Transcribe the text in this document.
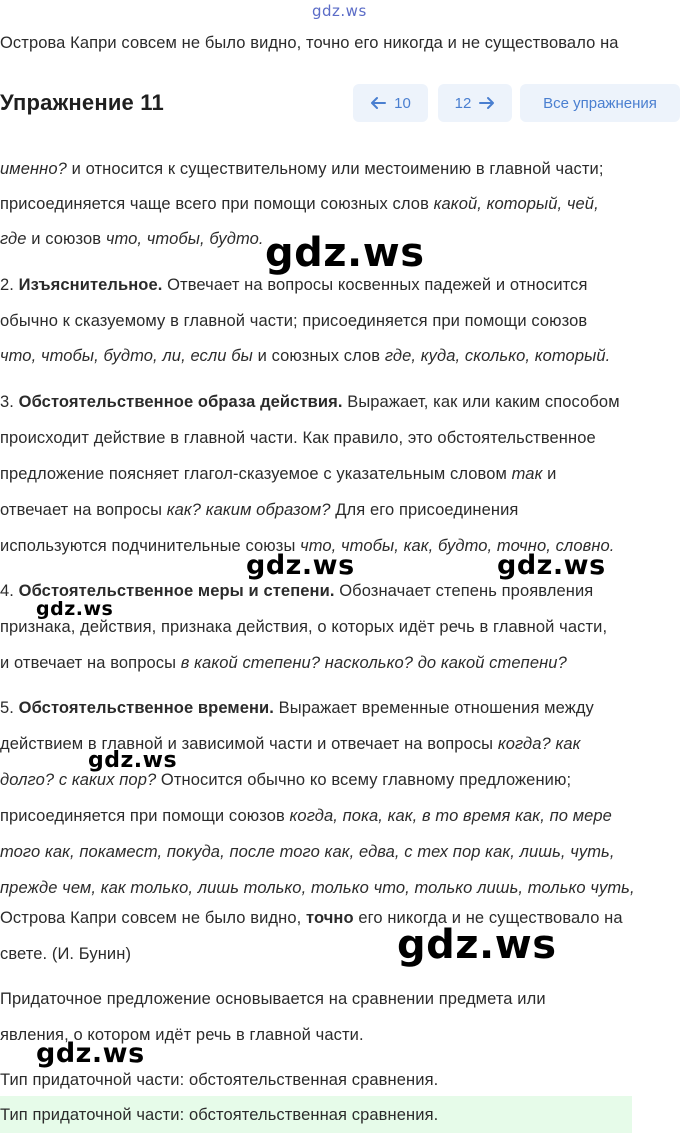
gdz.ws
Острова Капри совсем не было видно, точно его никогда и не существовало на
Упражнение 11	10	12	Все упражнения
именно? и относится к существительному или местоимению в главной части;
присоединяется чаще всего при помощи союзных слов какой, который, чей,
где и союзов что, чтобы, будто. gdz.ws
2. Изъяснительное. Отвечает на вопросы косвенных падежей и относится
обычно к сказуемому в главной части; присоединяется при помощи союзов
что, чтобы, будто, ли, если бы и союзных слов где, куда, сколько, который.
3. Обстоятельственное образа действия. Выражает, как или каким способом
происходит действие в главной части. Как правило, это обстоятельственное
предложение поясняет глагол-сказуемое с указательным словом так и
отвечает на вопросы как? каким образом? Для его присоединения
используются подчинительные союзы что, чтобы, как, будто, точно, словно.
4. Обстоятельственное меры и степени. Обозначает степень проявления
gdz.ws	gdz.ws
gdz.ws
признака, действия, признака действия, о которых идёт речь в главной части,
и отвечает на вопросы в какой степени? насколько? до какой степени?
5. Обстоятельственное времени. Выражает временные отношения между
действием в главной и зависимой части и отвечает на вопросы когда? как
gdz.ws
долго? с каких пор? Относится обычно ко всему главному предложению;
присоединяется при помощи союзов когда, пока, как, в то время как, по мере
того как, покамест, покуда, после того как, едва, с тех пор как, лишь, чуть,
прежде чем, как только, лишь только, только что, только лишь, только чуть,
Острова Капри совсем не было видно, точно его никогда и не существовало на
свете. (И. Бунин)	gdz.ws
Придаточное предложение основывается на сравнении предмета или
явления, о котором идёт речь в главной части.
gdz.ws
Тип придаточной части: обстоятельственная сравнения.
Тип придаточной части: обстоятельственная сравнения.
